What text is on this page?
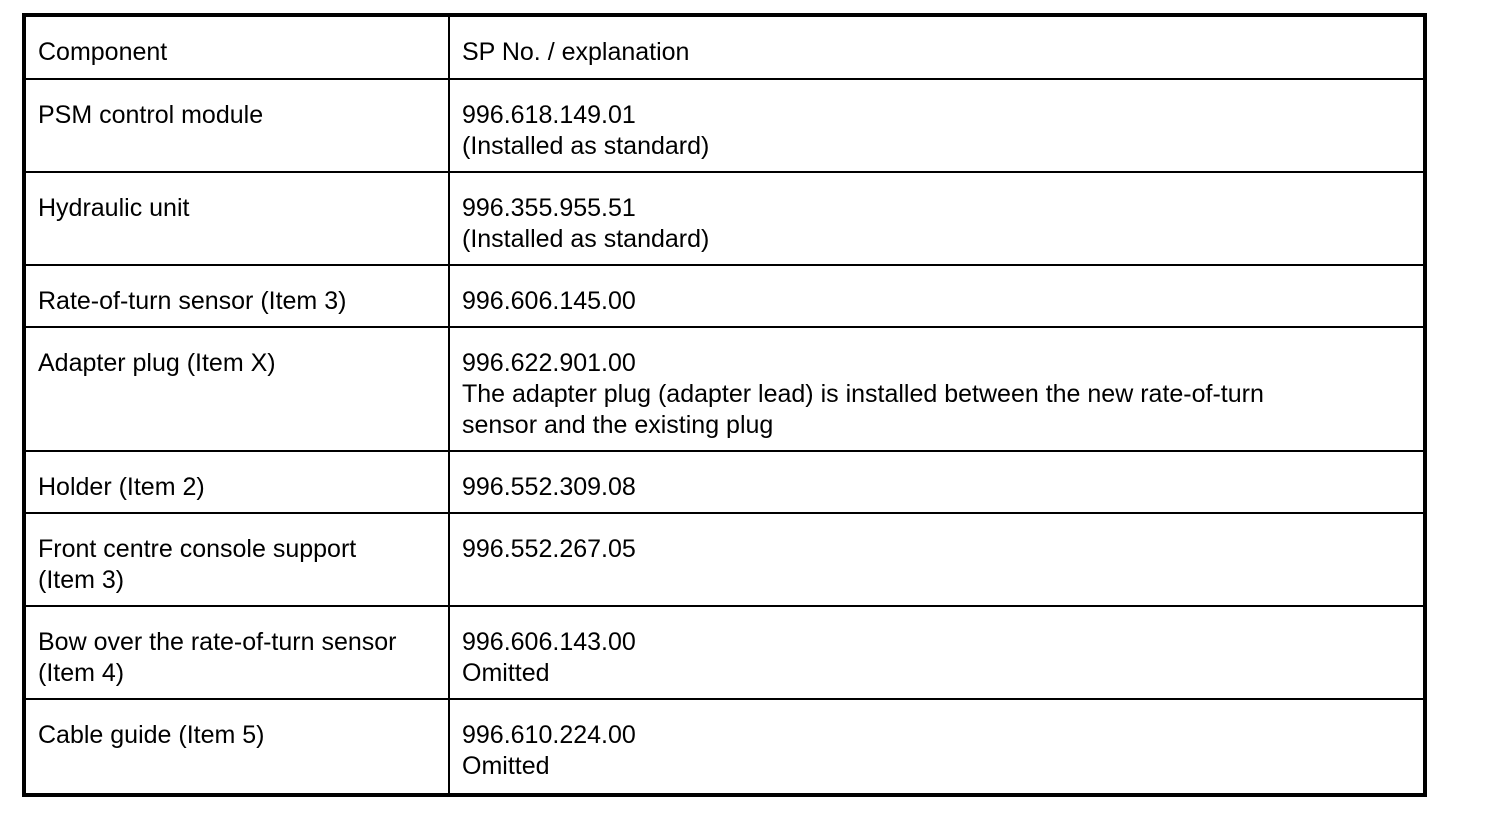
Component	SP No. / explanation

PSM control module	996.618.149.01
(Installed as standard)

Hydraulic unit	996.355.955.51
(Installed as standard)

Rate-of-turn sensor (Item 3)	996.606.145.00

Adapter plug (Item X)	996.622.901.00
The adapter plug (adapter lead) is installed between the new rate-of-turn
sensor and the existing plug

Holder (Item 2)	996.552.309.08

Front centre console support
(Item 3)	996.552.267.05

Bow over the rate-of-turn sensor
(Item 4)	996.606.143.00
Omitted

Cable guide (Item 5)	996.610.224.00
Omitted
